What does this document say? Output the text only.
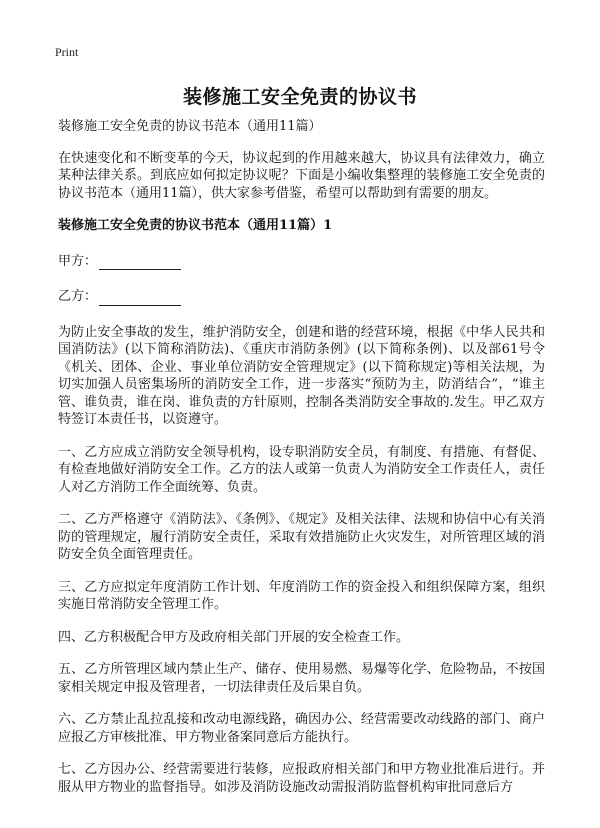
Print
装修施工安全免责的协议书
装修施工安全免责的协议书范本（通用11篇）
在快速变化和不断变革的今天，协议起到的作用越来越大，协议具有法律效力，确立某种法律关系。到底应如何拟定协议呢？下面是小编收集整理的装修施工安全免责的协议书范本（通用11篇），供大家参考借鉴，希望可以帮助到有需要的朋友。
装修施工安全免责的协议书范本（通用11篇）1
甲方：
乙方：
为防止安全事故的发生，维护消防安全，创建和谐的经营环境，根据《中华人民共和国消防法》(以下简称消防法)、《重庆市消防条例》(以下简称条例)、以及部61号令《机关、团体、企业、事业单位消防安全管理规定》(以下简称规定)等相关法规，为切实加强人员密集场所的消防安全工作，进一步落实“预防为主，防消结合”，“谁主管、谁负责，谁在岗、谁负责的方针原则，控制各类消防安全事故的.发生。甲乙双方特签订本责任书，以资遵守。
一、乙方应成立消防安全领导机构，设专职消防安全员，有制度、有措施、有督促、有检查地做好消防安全工作。乙方的法人或第一负责人为消防安全工作责任人，责任人对乙方消防工作全面统筹、负责。
二、乙方严格遵守《消防法》、《条例》、《规定》及相关法律、法规和协信中心有关消防的管理规定，履行消防安全责任，采取有效措施防止火灾发生，对所管理区域的消防安全负全面管理责任。
三、乙方应拟定年度消防工作计划、年度消防工作的资金投入和组织保障方案，组织实施日常消防安全管理工作。
四、乙方积极配合甲方及政府相关部门开展的安全检查工作。
五、乙方所管理区域内禁止生产、储存、使用易燃、易爆等化学、危险物品，不按国家相关规定申报及管理者，一切法律责任及后果自负。
六、乙方禁止乱拉乱接和改动电源线路，确因办公、经营需要改动线路的部门、商户应报乙方审核批准、甲方物业备案同意后方能执行。
七、乙方因办公、经营需要进行装修，应报政府相关部门和甲方物业批准后进行。并服从甲方物业的监督指导。如涉及消防设施改动需报消防监督机构审批同意后方
